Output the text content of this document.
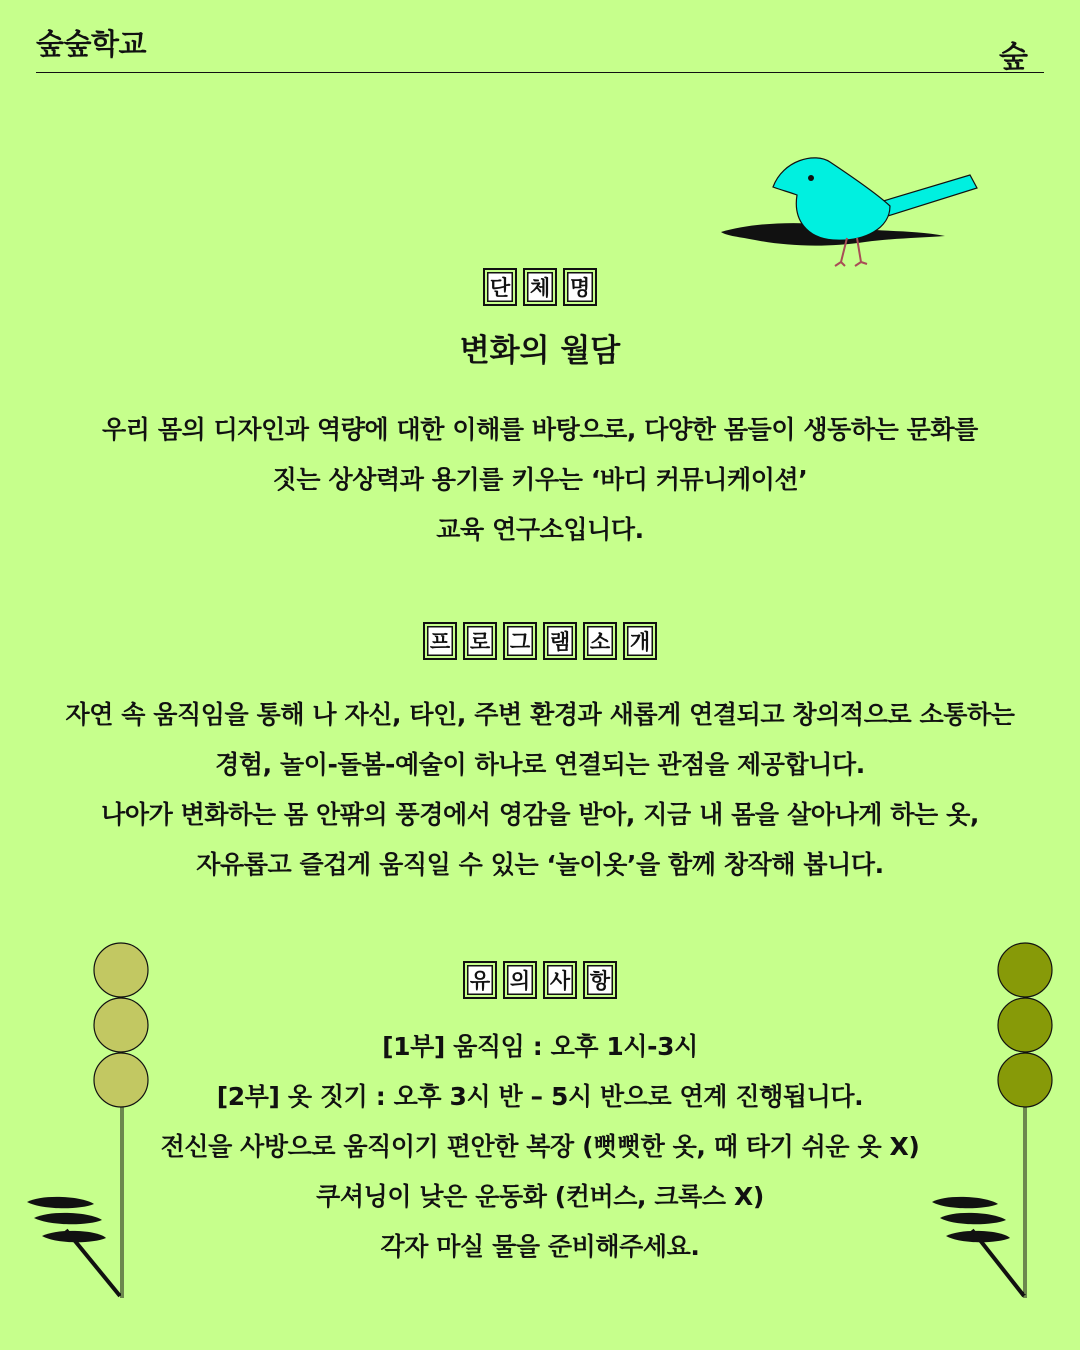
숲숲학교	숲
단 체 명
변화의 월담
우리 몸의 디자인과 역량에 대한 이해를 바탕으로, 다양한 몸들이 생동하는 문화를
짓는 상상력과 용기를 키우는 ‘바디 커뮤니케이션’
교육 연구소입니다.
프 로 그 램 소 개
자연 속 움직임을 통해 나 자신, 타인, 주변 환경과 새롭게 연결되고 창의적으로 소통하는
경험, 놀이-돌봄-예술이 하나로 연결되는 관점을 제공합니다.
나아가 변화하는 몸 안팎의 풍경에서 영감을 받아, 지금 내 몸을 살아나게 하는 옷,
자유롭고 즐겁게 움직일 수 있는 ‘놀이옷’을 함께 창작해 봅니다.
유 의 사 항
[1부] 움직임 : 오후 1시-3시
[2부] 옷 짓기 : 오후 3시 반 – 5시 반으로 연계 진행됩니다.
전신을 사방으로 움직이기 편안한 복장 (뻣뻣한 옷, 때 타기 쉬운 옷 X)
쿠셔닝이 낮은 운동화 (컨버스, 크록스 X)
각자 마실 물을 준비해주세요.
